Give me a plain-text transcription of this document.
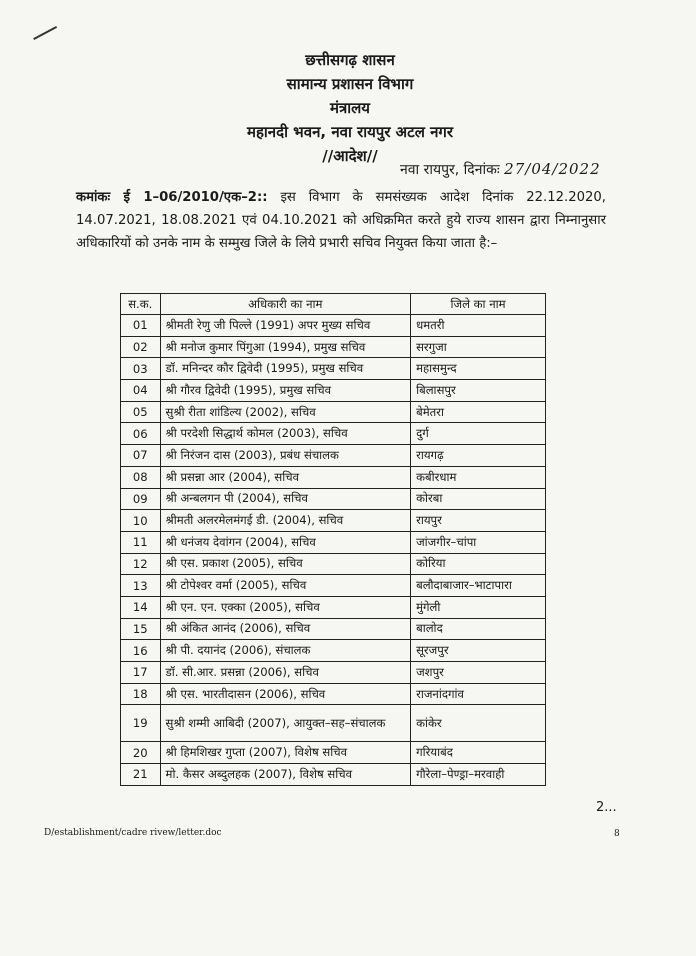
छत्तीसगढ़ शासन
सामान्य प्रशासन विभाग
मंत्रालय
महानदी भवन, नवा रायपुर अटल नगर
//आदेश//
नवा रायपुर, दिनांकः 27/04/2022
कमांकः ई 1–06/2010/एक–2:: इस विभाग के समसंख्यक आदेश दिनांक 22.12.2020, 14.07.2021, 18.08.2021 एवं 04.10.2021 को अधिक्रमित करते हुये राज्य शासन द्वारा निम्नानुसार अधिकारियों को उनके नाम के सम्मुख जिले के लिये प्रभारी सचिव नियुक्त किया जाता है:–
स.क.	अधिकारी का नाम	जिले का नाम
01	श्रीमती रेणु जी पिल्ले (1991) अपर मुख्य सचिव	धमतरी
02	श्री मनोज कुमार पिंगुआ (1994), प्रमुख सचिव	सरगुजा
03	डॉ. मनिन्दर कौर द्विवेदी (1995), प्रमुख सचिव	महासमुन्द
04	श्री गौरव द्विवेदी (1995), प्रमुख सचिव	बिलासपुर
05	सुश्री रीता शांडिल्य (2002), सचिव	बेमेतरा
06	श्री परदेशी सिद्धार्थ कोमल (2003), सचिव	दुर्ग
07	श्री निरंजन दास (2003), प्रबंध संचालक	रायगढ़
08	श्री प्रसन्ना आर (2004), सचिव	कबीरधाम
09	श्री अन्बलगन पी (2004), सचिव	कोरबा
10	श्रीमती अलरमेलमंगई डी. (2004), सचिव	रायपुर
11	श्री धनंजय देवांगन (2004), सचिव	जांजगीर–चांपा
12	श्री एस. प्रकाश (2005), सचिव	कोरिया
13	श्री टोपेश्वर वर्मा (2005), सचिव	बलौदाबाजार–भाटापारा
14	श्री एन. एन. एक्का (2005), सचिव	मुंगेली
15	श्री अंकित आनंद (2006), सचिव	बालोद
16	श्री पी. दयानंद (2006), संचालक	सूरजपुर
17	डॉ. सी.आर. प्रसन्ना (2006), सचिव	जशपुर
18	श्री एस. भारतीदासन (2006), सचिव	राजनांदगांव
19	सुश्री शम्मी आबिदी (2007), आयुक्त–सह–संचालक	कांकेर
20	श्री हिमशिखर गुप्ता (2007), विशेष सचिव	गरियाबंद
21	मो. कैसर अब्दुलहक (2007), विशेष सचिव	गौरेला–पेण्ड्रा–मरवाही
2...
D/establishment/cadre rivew/letter.doc	8
